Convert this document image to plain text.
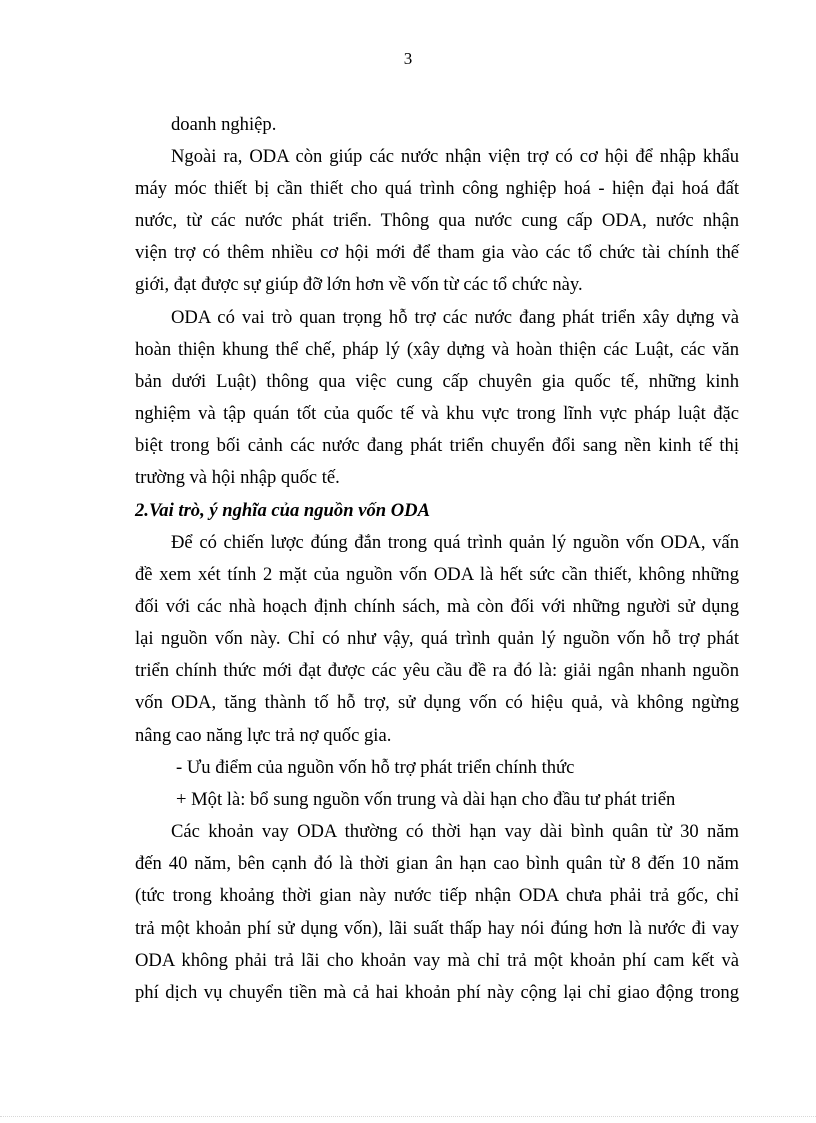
3
doanh nghiệp.
Ngoài ra, ODA còn giúp các nước nhận viện trợ có cơ hội để nhập khẩu
máy móc thiết bị cần thiết cho quá trình công nghiệp hoá - hiện đại hoá đất
nước, từ các nước phát triển. Thông qua nước cung cấp ODA, nước nhận
viện trợ có thêm nhiều cơ hội mới để tham gia vào các tổ chức tài chính thế
giới, đạt được sự giúp đỡ lớn hơn về vốn từ các tổ chức này.
ODA có vai trò quan trọng hỗ trợ các nước đang phát triển xây dựng và
hoàn thiện khung thể chế, pháp lý (xây dựng và hoàn thiện các Luật, các văn
bản dưới Luật) thông qua việc cung cấp chuyên gia quốc tế, những kinh
nghiệm và tập quán tốt của quốc tế và khu vực trong lĩnh vực pháp luật đặc
biệt trong bối cảnh các nước đang phát triển chuyển đổi sang nền kinh tế thị
trường và hội nhập quốc tế.
2.Vai trò, ý nghĩa của nguồn vốn ODA
Để có chiến lược đúng đắn trong quá trình quản lý nguồn vốn ODA, vấn
đề xem xét tính 2 mặt của nguồn vốn ODA là hết sức cần thiết, không những
đối với các nhà hoạch định chính sách, mà còn đối với những người sử dụng
lại nguồn vốn này. Chỉ có như vậy, quá trình quản lý nguồn vốn hỗ trợ phát
triển chính thức mới đạt được các yêu cầu đề ra đó là: giải ngân nhanh nguồn
vốn ODA, tăng thành tố hỗ trợ, sử dụng vốn có hiệu quả, và không ngừng
nâng cao năng lực trả nợ quốc gia.
- Ưu điểm của nguồn vốn hỗ trợ phát triển chính thức
+ Một là: bổ sung nguồn vốn trung và dài hạn cho đầu tư phát triển
Các khoản vay ODA thường có thời hạn vay dài bình quân từ 30 năm
đến 40 năm, bên cạnh đó là thời gian ân hạn cao bình quân từ 8 đến 10 năm
(tức trong khoảng thời gian này nước tiếp nhận ODA chưa phải trả gốc, chỉ
trả một khoản phí sử dụng vốn), lãi suất thấp hay nói đúng hơn là nước đi vay
ODA không phải trả lãi cho khoản vay mà chỉ trả một khoản phí cam kết và
phí dịch vụ chuyển tiền mà cả hai khoản phí này cộng lại chỉ giao động trong
